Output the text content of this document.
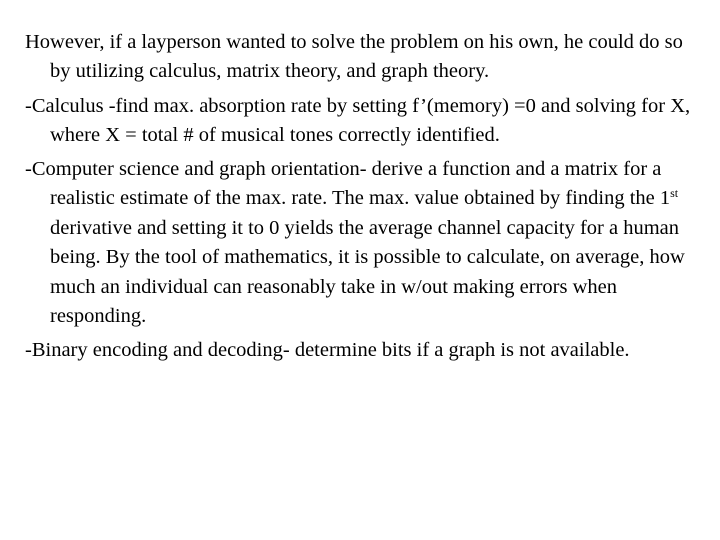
However, if a layperson wanted to solve the problem on his own, he could do so by utilizing calculus, matrix theory, and graph theory.

-Calculus -find max. absorption rate by setting f’(memory) =0 and solving for X, where X = total # of musical tones correctly identified.

-Computer science and graph orientation- derive a function and a matrix for a realistic estimate of the max. rate. The max. value obtained by finding the 1st derivative and setting it to 0 yields the average channel capacity for a human being. By the tool of mathematics, it is possible to calculate, on average, how much an individual can reasonably take in w/out making errors when responding.

-Binary encoding and decoding- determine bits if a graph is not available.
